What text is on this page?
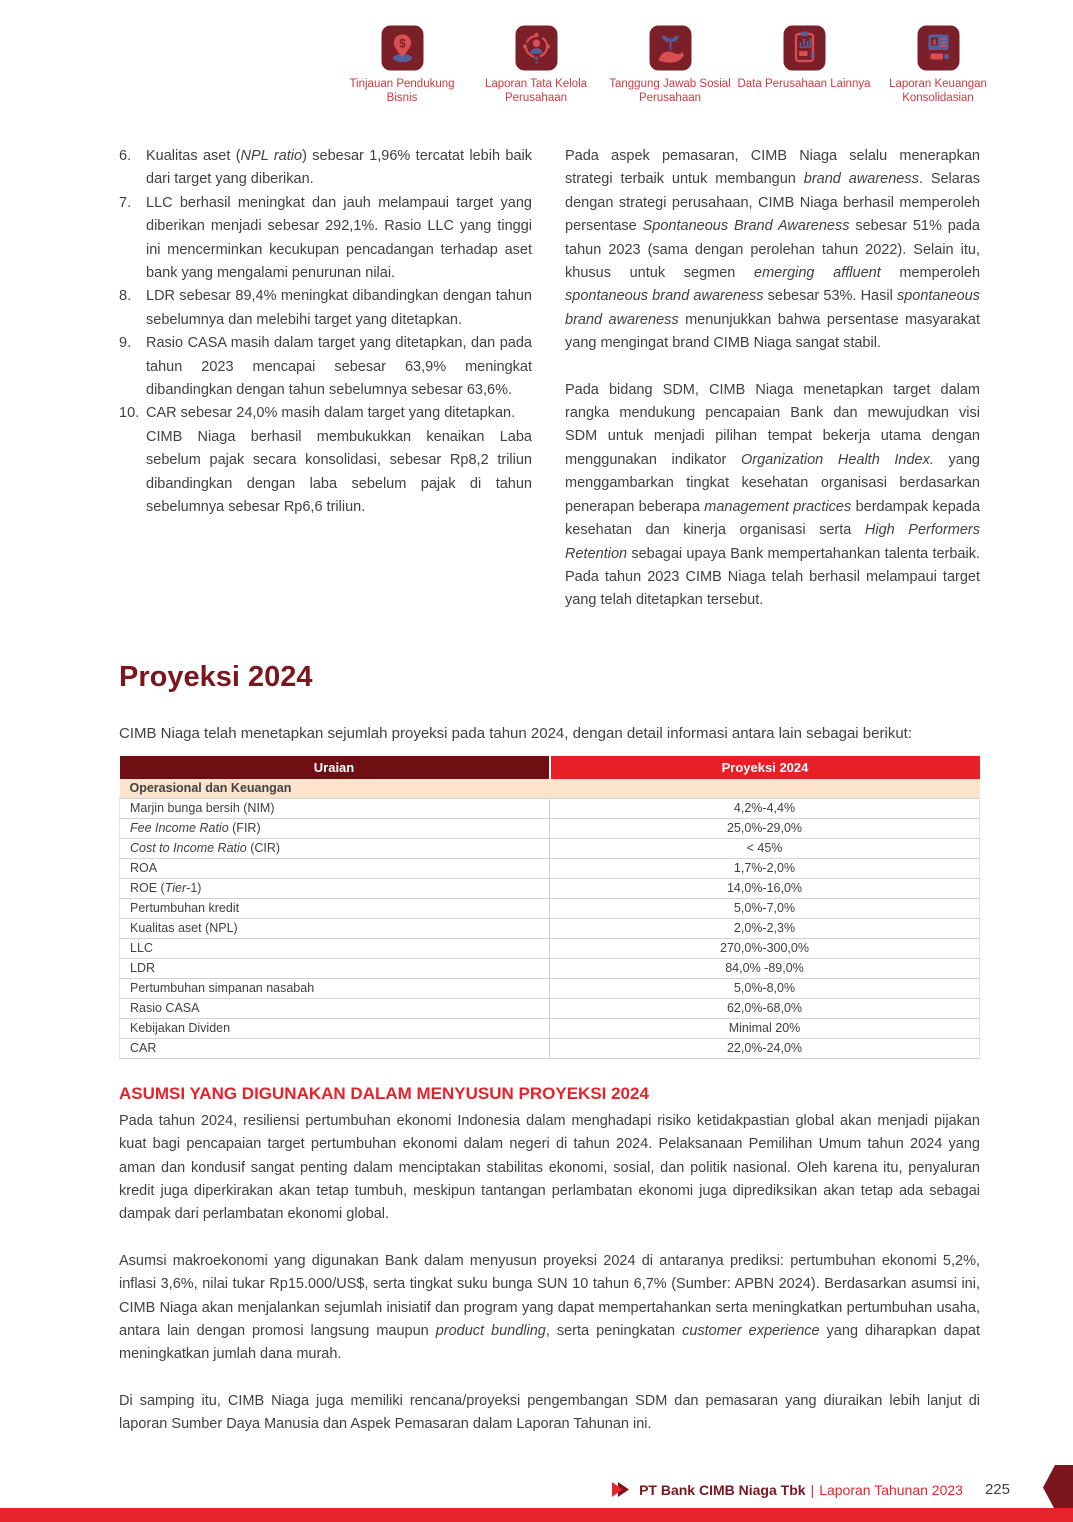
$
Tinjauan Pendukung Bisnis
Laporan Tata Kelola Perusahaan
Tanggung Jawab Sosial Perusahaan
$
Data Perusahaan Lainnya
$
Laporan Keuangan Konsolidasian
6.	Kualitas aset (NPL ratio) sebesar 1,96% tercatat lebih baik dari target yang diberikan.
7.	LLC berhasil meningkat dan jauh melampaui target yang diberikan menjadi sebesar 292,1%. Rasio LLC yang tinggi ini mencerminkan kecukupan pencadangan terhadap aset bank yang mengalami penurunan nilai.
8.	LDR sebesar 89,4% meningkat dibandingkan dengan tahun sebelumnya dan melebihi target yang ditetapkan.
9.	Rasio CASA masih dalam target yang ditetapkan, dan pada tahun 2023 mencapai sebesar 63,9% meningkat dibandingkan dengan tahun sebelumnya sebesar 63,6%.
10. CAR sebesar 24,0% masih dalam target yang ditetapkan.
CIMB Niaga berhasil membukukkan kenaikan Laba sebelum pajak secara konsolidasi, sebesar Rp8,2 triliun dibandingkan dengan laba sebelum pajak di tahun sebelumnya sebesar Rp6,6 triliun.

Pada aspek pemasaran, CIMB Niaga selalu menerapkan strategi terbaik untuk membangun brand awareness. Selaras dengan strategi perusahaan, CIMB Niaga berhasil memperoleh persentase Spontaneous Brand Awareness sebesar 51% pada tahun 2023 (sama dengan perolehan tahun 2022). Selain itu, khusus untuk segmen emerging affluent memperoleh spontaneous brand awareness sebesar 53%. Hasil spontaneous brand awareness menunjukkan bahwa persentase masyarakat yang mengingat brand CIMB Niaga sangat stabil.

Pada bidang SDM, CIMB Niaga menetapkan target dalam rangka mendukung pencapaian Bank dan mewujudkan visi SDM untuk menjadi pilihan tempat bekerja utama dengan menggunakan indikator Organization Health Index. yang menggambarkan tingkat kesehatan organisasi berdasarkan penerapan beberapa management practices berdampak kepada kesehatan dan kinerja organisasi serta High Performers Retention sebagai upaya Bank mempertahankan talenta terbaik. Pada tahun 2023 CIMB Niaga telah berhasil melampaui target yang telah ditetapkan tersebut.

Proyeksi 2024

CIMB Niaga telah menetapkan sejumlah proyeksi pada tahun 2024, dengan detail informasi antara lain sebagai berikut:

Uraian	Proyeksi 2024
Operasional dan Keuangan	
Marjin bunga bersih (NIM)	4,2%-4,4%
Fee Income Ratio (FIR)	25,0%-29,0%
Cost to Income Ratio (CIR)	< 45%
ROA	1,7%-2,0%
ROE (Tier-1)	14,0%-16,0%
Pertumbuhan kredit	5,0%-7,0%
Kualitas aset (NPL)	2,0%-2,3%
LLC	270,0%-300,0%
LDR	84,0% -89,0%
Pertumbuhan simpanan nasabah	5,0%-8,0%
Rasio CASA	62,0%-68,0%
Kebijakan Dividen	Minimal 20%
CAR	22,0%-24,0%
ASUMSI YANG DIGUNAKAN DALAM MENYUSUN PROYEKSI 2024

Pada tahun 2024, resiliensi pertumbuhan ekonomi Indonesia dalam menghadapi risiko ketidakpastian global akan menjadi pijakan kuat bagi pencapaian target pertumbuhan ekonomi dalam negeri di tahun 2024. Pelaksanaan Pemilihan Umum tahun 2024 yang aman dan kondusif sangat penting dalam menciptakan stabilitas ekonomi, sosial, dan politik nasional. Oleh karena itu, penyaluran kredit juga diperkirakan akan tetap tumbuh, meskipun tantangan perlambatan ekonomi juga diprediksikan akan tetap ada sebagai dampak dari perlambatan ekonomi global.

Asumsi makroekonomi yang digunakan Bank dalam menyusun proyeksi 2024 di antaranya prediksi: pertumbuhan ekonomi 5,2%, inflasi 3,6%, nilai tukar Rp15.000/US$, serta tingkat suku bunga SUN 10 tahun 6,7% (Sumber: APBN 2024). Berdasarkan asumsi ini, CIMB Niaga akan menjalankan sejumlah inisiatif dan program yang dapat mempertahankan serta meningkatkan pertumbuhan usaha, antara lain dengan promosi langsung maupun product bundling, serta peningkatan customer experience yang diharapkan dapat meningkatkan jumlah dana murah.

Di samping itu, CIMB Niaga juga memiliki rencana/proyeksi pengembangan SDM dan pemasaran yang diuraikan lebih lanjut di laporan Sumber Daya Manusia dan Aspek Pemasaran dalam Laporan Tahunan ini.

PT Bank CIMB Niaga Tbk | Laporan Tahunan 2023 225
